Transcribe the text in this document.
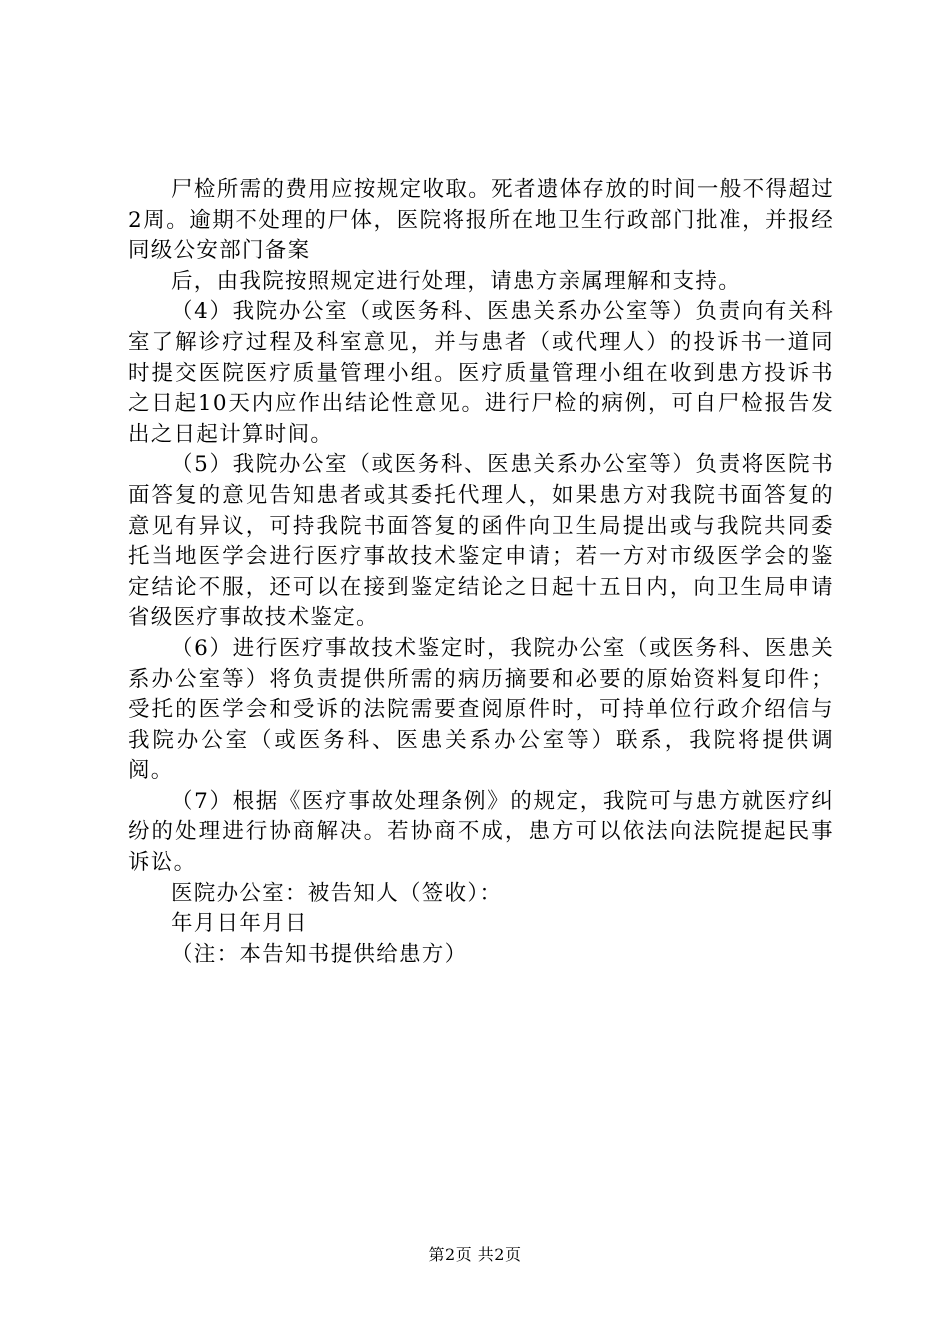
尸检所需的费用应按规定收取。死者遗体存放的时间一般不得超过2周。逾期不处理的尸体，医院将报所在地卫生行政部门批准，并报经同级公安部门备案

后，由我院按照规定进行处理，请患方亲属理解和支持。

（4）我院办公室（或医务科、医患关系办公室等）负责向有关科室了解诊疗过程及科室意见，并与患者（或代理人）的投诉书一道同时提交医院医疗质量管理小组。医疗质量管理小组在收到患方投诉书之日起10天内应作出结论性意见。进行尸检的病例，可自尸检报告发出之日起计算时间。

（5）我院办公室（或医务科、医患关系办公室等）负责将医院书面答复的意见告知患者或其委托代理人，如果患方对我院书面答复的意见有异议，可持我院书面答复的函件向卫生局提出或与我院共同委托当地医学会进行医疗事故技术鉴定申请；若一方对市级医学会的鉴定结论不服，还可以在接到鉴定结论之日起十五日内，向卫生局申请省级医疗事故技术鉴定。

（6）进行医疗事故技术鉴定时，我院办公室（或医务科、医患关系办公室等）将负责提供所需的病历摘要和必要的原始资料复印件；受托的医学会和受诉的法院需要查阅原件时，可持单位行政介绍信与我院办公室（或医务科、医患关系办公室等）联系，我院将提供调阅。

（7）根据《医疗事故处理条例》的规定，我院可与患方就医疗纠纷的处理进行协商解决。若协商不成，患方可以依法向法院提起民事诉讼。

医院办公室：被告知人（签收）：

年月日年月日

（注：本告知书提供给患方）

第2页 共2页
